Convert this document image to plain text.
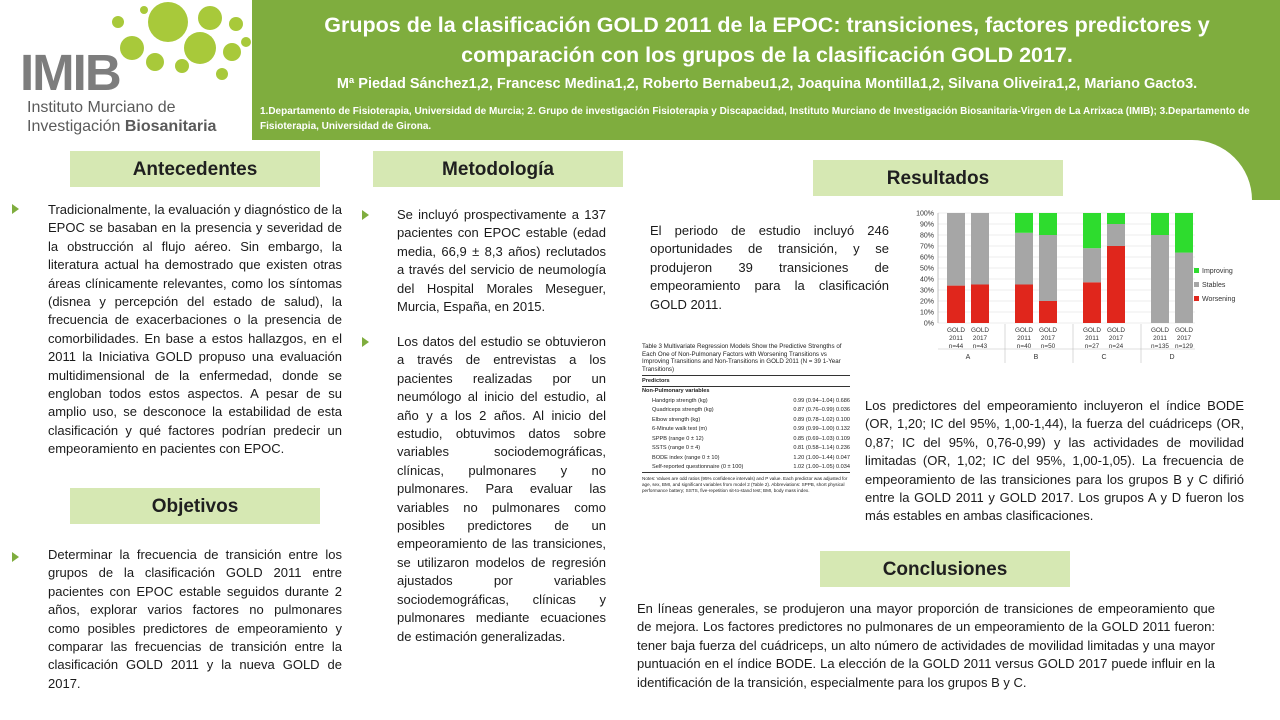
IMIB
Instituto Murciano de
Investigación Biosanitaria
Grupos de la clasificación GOLD 2011 de la EPOC: transiciones, factores predictores y comparación con los grupos de la clasificación GOLD 2017.

Mª Piedad Sánchez1,2, Francesc Medina1,2, Roberto Bernabeu1,2, Joaquina Montilla1,2, Silvana Oliveira1,2, Mariano Gacto3.

1.Departamento de Fisioterapia, Universidad de Murcia; 2. Grupo de investigación Fisioterapia y Discapacidad, Instituto Murciano de Investigación Biosanitaria-Virgen de La Arrixaca (IMIB); 3.Departamento de Fisioterapia, Universidad de Girona.

Antecedentes

Tradicionalmente, la evaluación y diagnóstico de la EPOC se basaban en la presencia y severidad de la obstrucción al flujo aéreo. Sin embargo, la literatura actual ha demostrado que existen otras áreas clínicamente relevantes, como los síntomas (disnea y percepción del estado de salud), la frecuencia de exacerbaciones o la presencia de comorbilidades. En base a estos hallazgos, en el 2011 la Iniciativa GOLD propuso una evaluación multidimensional de la enfermedad, donde se engloban todos estos aspectos. A pesar de su amplio uso, se desconoce la estabilidad de esta clasificación y qué factores podrían predecir un empeoramiento en pacientes con EPOC.

Objetivos

Determinar la frecuencia de transición entre los grupos de la clasificación GOLD 2011 entre pacientes con EPOC estable seguidos durante 2 años, explorar varios factores no pulmonares como posibles predictores de empeoramiento y comparar las frecuencias de transición entre la clasificación GOLD 2011 y la nueva GOLD de 2017.

Metodología

Se incluyó prospectivamente a 137 pacientes con EPOC estable (edad media, 66,9 ± 8,3 años) reclutados a través del servicio de neumología del Hospital Morales Meseguer, Murcia, España, en 2015.

Los datos del estudio se obtuvieron a través de entrevistas a los pacientes realizadas por un neumólogo al inicio del estudio, al año y a los 2 años. Al inicio del estudio, obtuvimos datos sobre variables sociodemográficas, clínicas, pulmonares y no pulmonares. Para evaluar las variables no pulmonares como posibles predictores de un empeoramiento de las transiciones, se utilizaron modelos de regresión ajustados por variables sociodemográficas, clínicas y pulmonares mediante ecuaciones de estimación generalizadas.

Resultados

El periodo de estudio incluyó 246 oportunidades de transición, y se produjeron 39 transiciones de empeoramiento para la clasificación GOLD 2011.

0%
10%
20%
30%
40%
50%
60%
70%
80%
90%
100%
GOLD
2011
n=44
GOLD
2017
n=43
GOLD
2011
n=40
GOLD
2017
n=50
GOLD
2011
n=27
GOLD
2017
n=24
GOLD
2011
n=135
GOLD
2017
n=129
A	B	C	D
Improving
Stables
Worsening

Table 3 Multivariate Regression Models Show the Predictive Strengths of Each One of Non-Pulmonary Factors with Worsening Transitions vs Improving Transitions and Non-Transitions in GOLD 2011 (N = 39 1-Year Transitions)

Predictors
Non-Pulmonary variables
Handgrip strength (kg)	0.99 (0.94–1.04) 0.686
Quadriceps strength (kg)	0.87 (0.76–0.99) 0.036
Elbow strength (kg)	0.89 (0.78–1.02) 0.100
6-Minute walk test (m)	0.99 (0.99–1.00) 0.132
SPPB (range 0 ± 12)	0.85 (0.69–1.03) 0.109
SSTS (range 0 ± 4)	0.81 (0.58–1.14) 0.236
BODE index (range 0 ± 10)	1.20 (1.00–1.44) 0.047
Self-reported questionnaire (0 ± 100)	1.02 (1.00–1.05) 0.034

Notes: Values are odd ratios (95% confidence intervals) and P value. Each predictor was adjusted for age, sex, BMI, and significant variables from model 2 (Table 2). Abbreviations: SPPB, short physical performance battery; SSTS, five-repetition sit-to-stand test; BMI, body mass index.

Los predictores del empeoramiento incluyeron el índice BODE (OR, 1,20; IC del 95%, 1,00-1,44), la fuerza del cuádriceps (OR, 0,87; IC del 95%, 0,76-0,99) y las actividades de movilidad limitadas (OR, 1,02; IC del 95%, 1,00-1,05). La frecuencia de empeoramiento de las transiciones para los grupos B y C difirió entre la GOLD 2011 y GOLD 2017. Los grupos A y D fueron los más estables en ambas clasificaciones.

Conclusiones

En líneas generales, se produjeron una mayor proporción de transiciones de empeoramiento que de mejora. Los factores predictores no pulmonares de un empeoramiento de la GOLD 2011 fueron: tener baja fuerza del cuádriceps, un alto número de actividades de movilidad limitadas y una mayor puntuación en el índice BODE. La elección de la GOLD 2011 versus GOLD 2017 puede influir en la identificación de la transición, especialmente para los grupos B y C.
